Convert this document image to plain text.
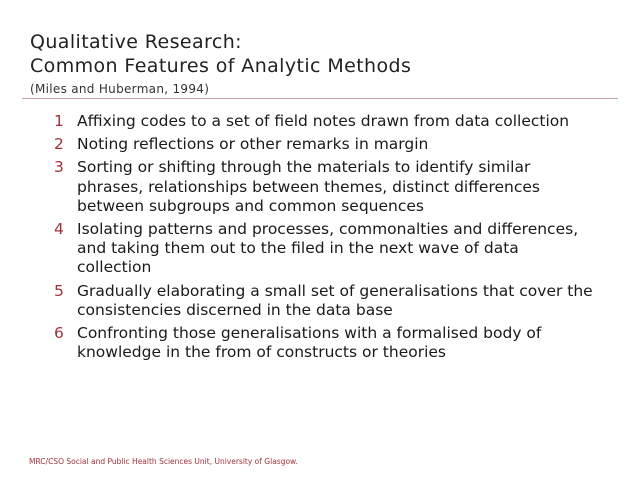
Qualitative Research:
Common Features of Analytic Methods
(Miles and Huberman, 1994)
1 Affixing codes to a set of field notes drawn from data collection
2 Noting reflections or other remarks in margin
3 Sorting or shifting through the materials to identify similar phrases, relationships between themes, distinct differences between subgroups and common sequences
4 Isolating patterns and processes, commonalties and differences, and taking them out to the filed in the next wave of data collection
5 Gradually elaborating a small set of generalisations that cover the consistencies discerned in the data base
6 Confronting those generalisations with a formalised body of knowledge in the from of constructs or theories
MRC/CSO Social and Public Health Sciences Unit, University of Glasgow.
